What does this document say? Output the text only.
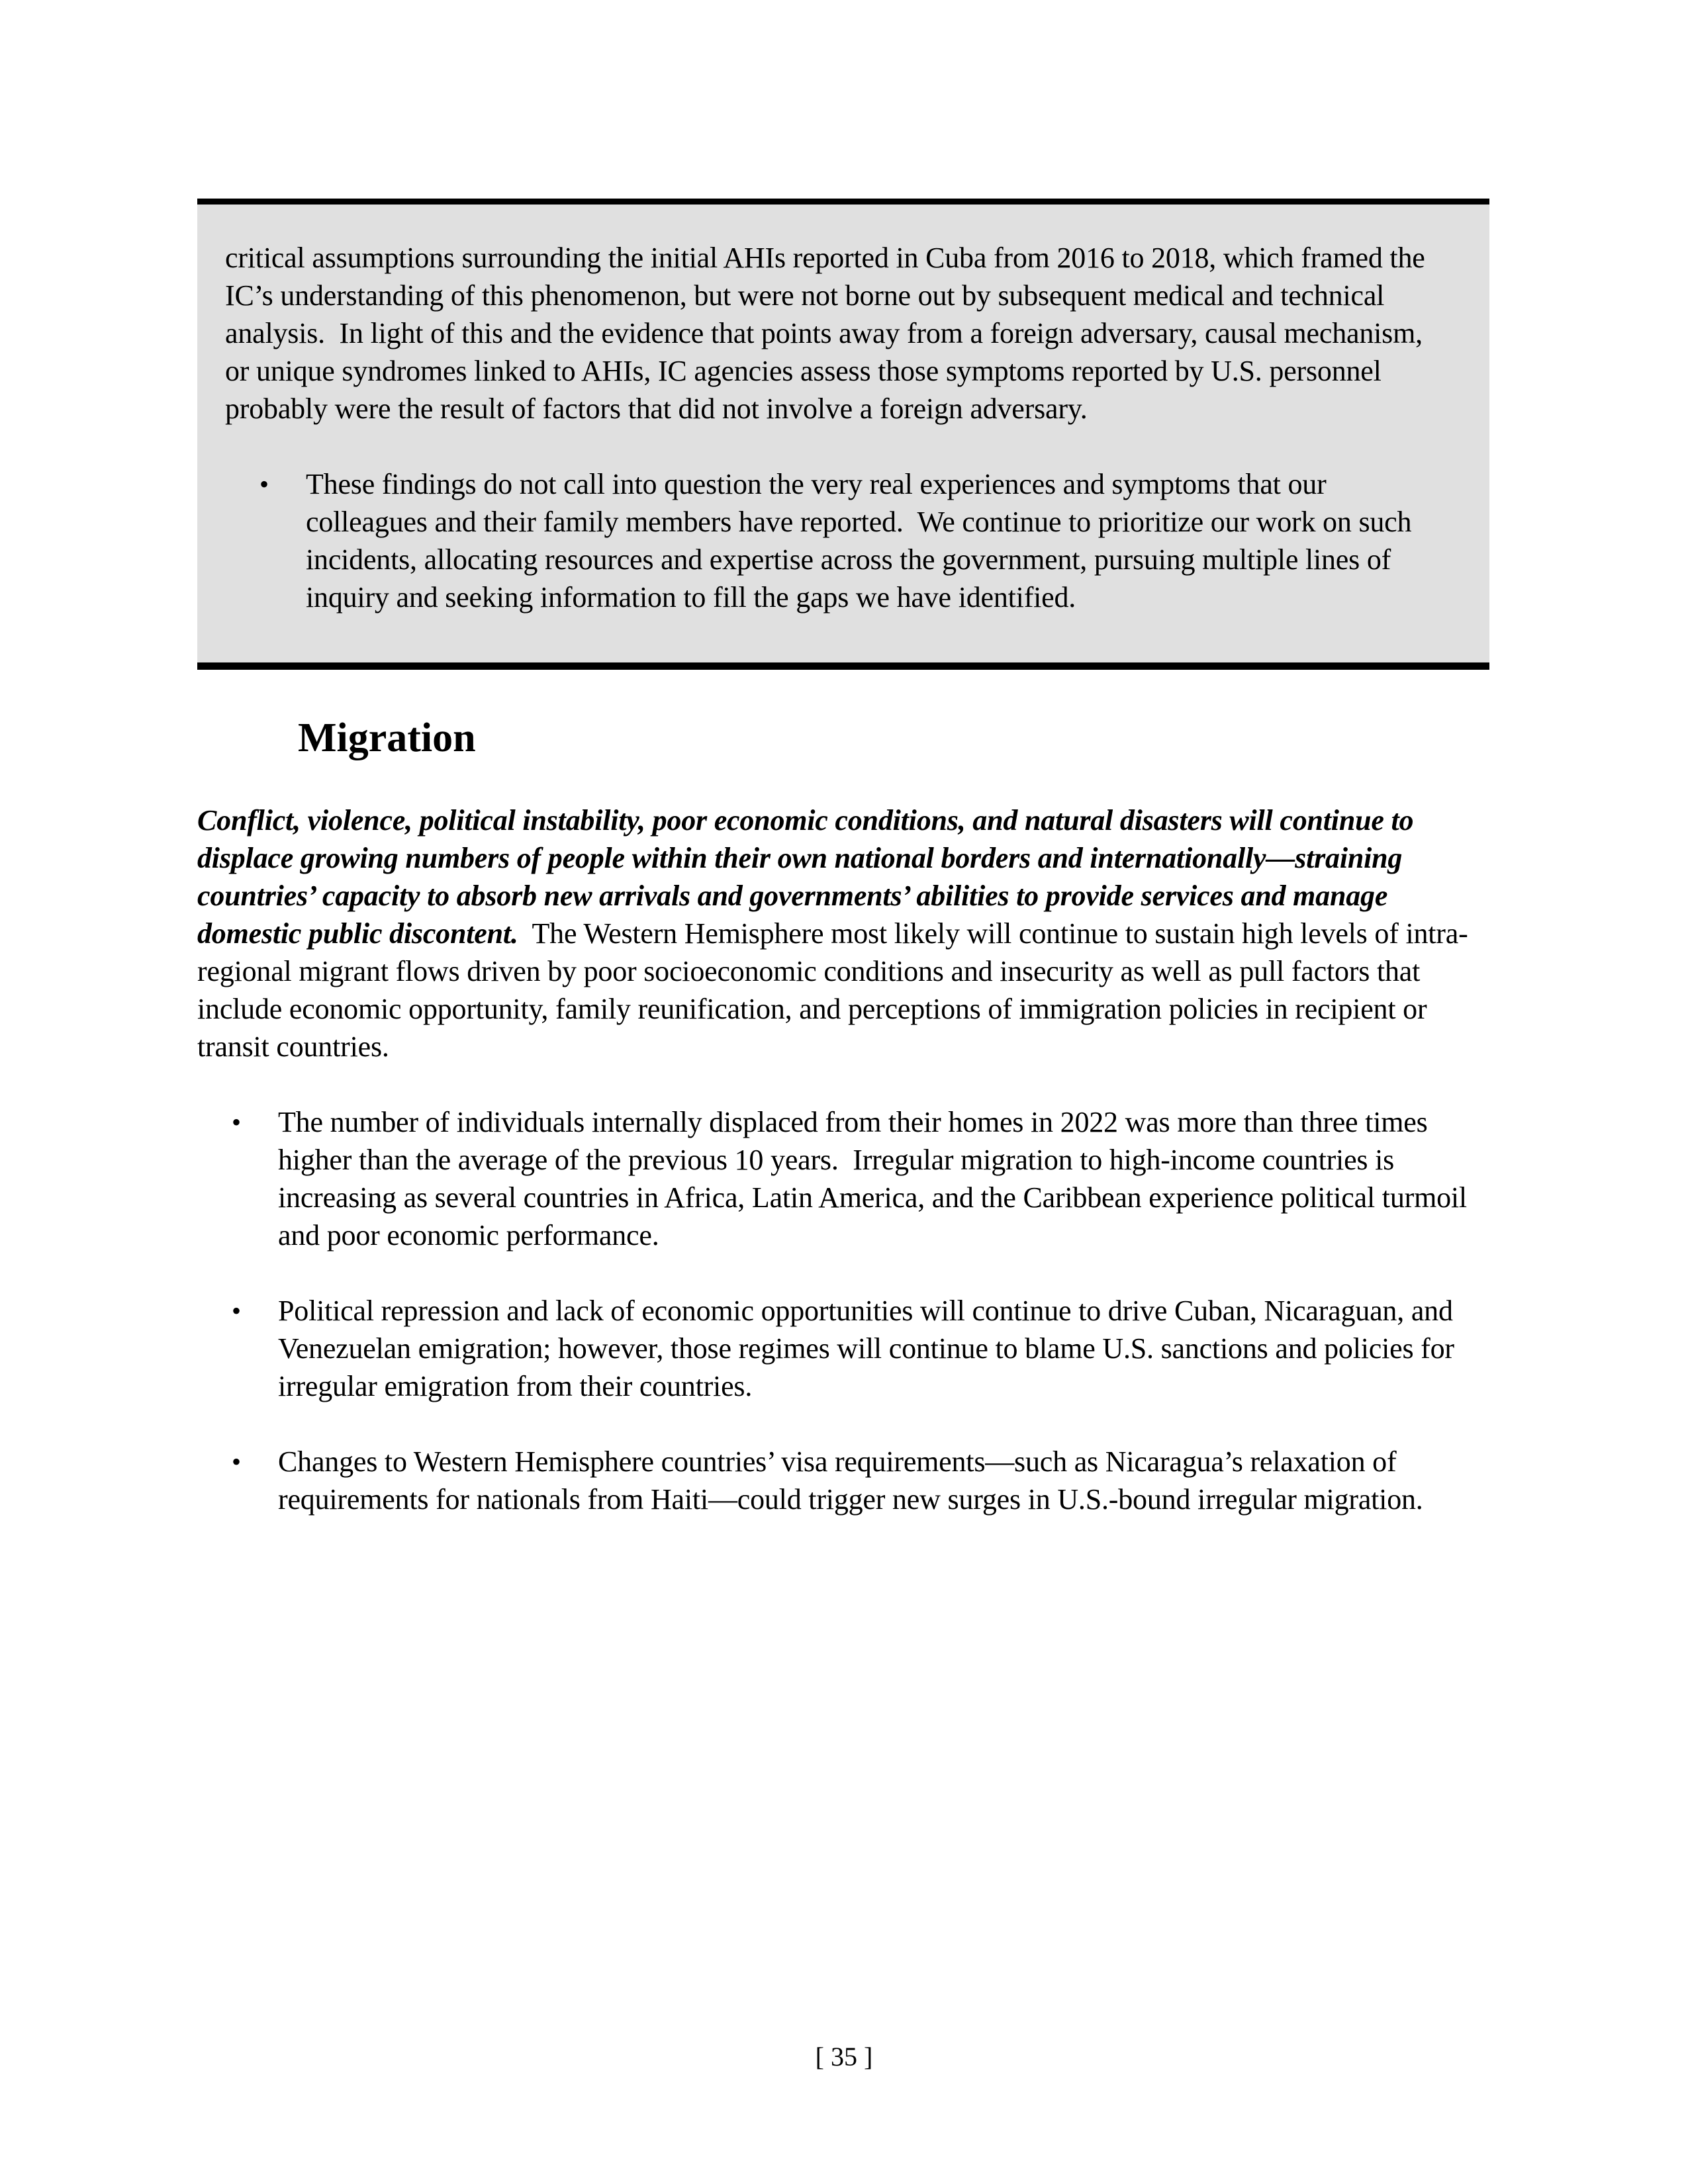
critical assumptions surrounding the initial AHIs reported in Cuba from 2016 to 2018, which framed the IC’s understanding of this phenomenon, but were not borne out by subsequent medical and technical analysis.  In light of this and the evidence that points away from a foreign adversary, causal mechanism, or unique syndromes linked to AHIs, IC agencies assess those symptoms reported by U.S. personnel probably were the result of factors that did not involve a foreign adversary.

•	These findings do not call into question the very real experiences and symptoms that our colleagues and their family members have reported.  We continue to prioritize our work on such incidents, allocating resources and expertise across the government, pursuing multiple lines of inquiry and seeking information to fill the gaps we have identified.
Migration

Conflict, violence, political instability, poor economic conditions, and natural disasters will continue to displace growing numbers of people within their own national borders and internationally—straining countries’ capacity to absorb new arrivals and governments’ abilities to provide services and manage domestic public discontent.  The Western Hemisphere most likely will continue to sustain high levels of intra-regional migrant flows driven by poor socioeconomic conditions and insecurity as well as pull factors that include economic opportunity, family reunification, and perceptions of immigration policies in recipient or transit countries.

•	The number of individuals internally displaced from their homes in 2022 was more than three times higher than the average of the previous 10 years.  Irregular migration to high-income countries is increasing as several countries in Africa, Latin America, and the Caribbean experience political turmoil and poor economic performance.
•	Political repression and lack of economic opportunities will continue to drive Cuban, Nicaraguan, and Venezuelan emigration; however, those regimes will continue to blame U.S. sanctions and policies for irregular emigration from their countries.
•	Changes to Western Hemisphere countries’ visa requirements—such as Nicaragua’s relaxation of requirements for nationals from Haiti—could trigger new surges in U.S.-bound irregular migration.
[ 35 ]
